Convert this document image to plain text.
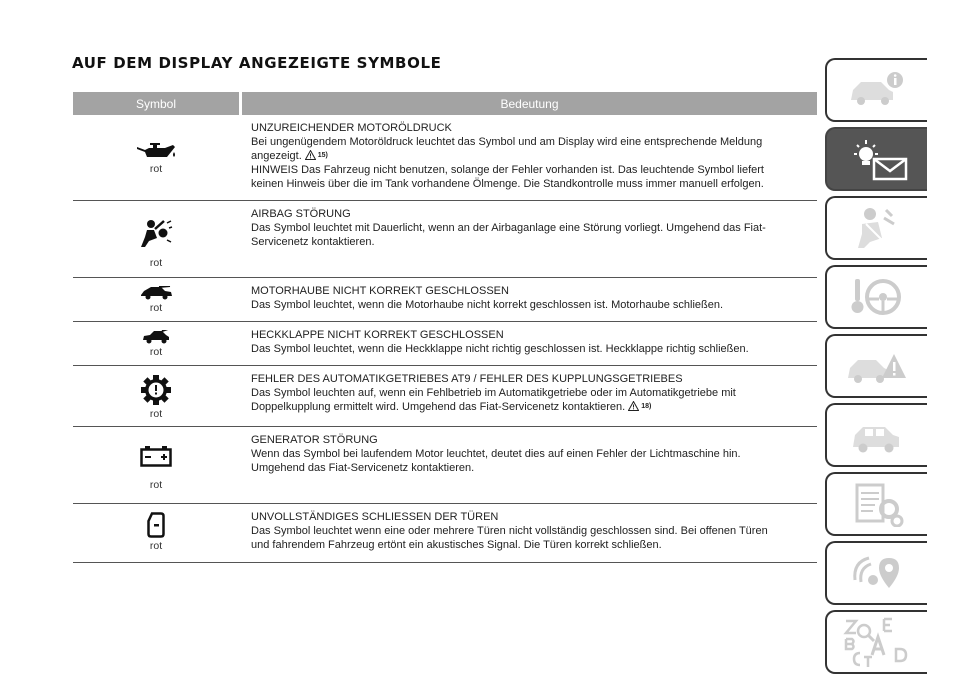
AUF DEM DISPLAY ANGEZEIGTE SYMBOLE
Symbol	Bedeutung
rot
UNZUREICHENDER MOTORÖLDRUCK
Bei ungenügendem Motoröldruck leuchtet das Symbol und am Display wird eine entsprechende Meldung
angezeigt. 15)
HINWEIS Das Fahrzeug nicht benutzen, solange der Fehler vorhanden ist. Das leuchtende Symbol liefert
keinen Hinweis über die im Tank vorhandene Ölmenge. Die Standkontrolle muss immer manuell erfolgen.
rot
AIRBAG STÖRUNG
Das Symbol leuchtet mit Dauerlicht, wenn an der Airbaganlage eine Störung vorliegt. Umgehend das Fiat-
Servicenetz kontaktieren.
rot
MOTORHAUBE NICHT KORREKT GESCHLOSSEN
Das Symbol leuchtet, wenn die Motorhaube nicht korrekt geschlossen ist. Motorhaube schließen.
rot
HECKKLAPPE NICHT KORREKT GESCHLOSSEN
Das Symbol leuchtet, wenn die Heckklappe nicht richtig geschlossen ist. Heckklappe richtig schließen.
rot
FEHLER DES AUTOMATIKGETRIEBES AT9 / FEHLER DES KUPPLUNGSGETRIEBES
Das Symbol leuchten auf, wenn ein Fehlbetrieb im Automatikgetriebe oder im Automatikgetriebe mit
Doppelkupplung ermittelt wird. Umgehend das Fiat-Servicenetz kontaktieren. 18)
rot
GENERATOR STÖRUNG
Wenn das Symbol bei laufendem Motor leuchtet, deutet dies auf einen Fehler der Lichtmaschine hin.
Umgehend das Fiat-Servicenetz kontaktieren.
rot
UNVOLLSTÄNDIGES SCHLIESSEN DER TÜREN
Das Symbol leuchtet wenn eine oder mehrere Türen nicht vollständig geschlossen sind. Bei offenen Türen
und fahrendem Fahrzeug ertönt ein akustisches Signal. Die Türen korrekt schließen.
